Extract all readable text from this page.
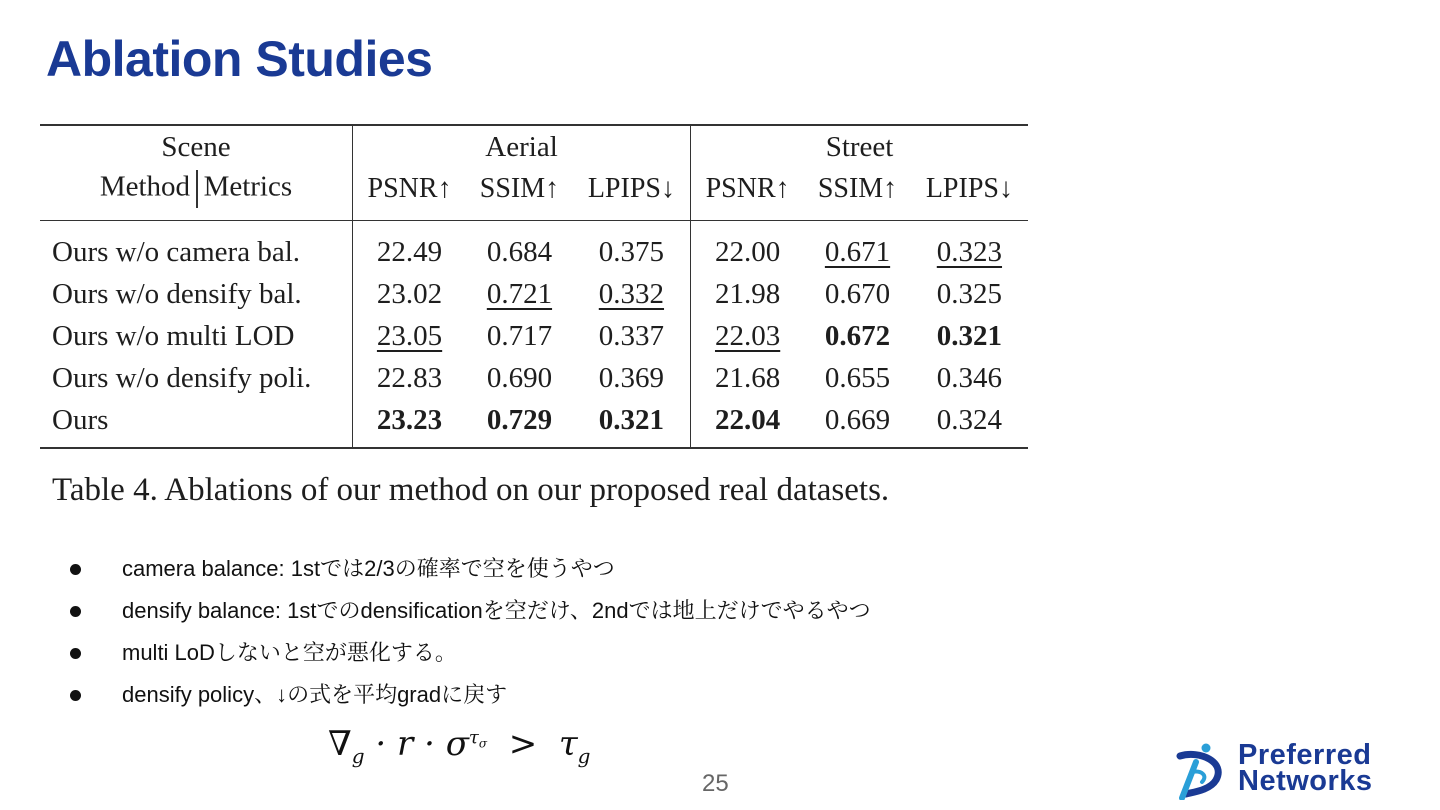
Ablation Studies
Scene	Aerial			Street		
Method Metrics	PSNR↑	SSIM↑	LPIPS↓	PSNR↑	SSIM↑	LPIPS↓
Ours w/o camera bal.	22.49	0.684	0.375	22.00	0.671	0.323
Ours w/o densify bal.	23.02	0.721	0.332	21.98	0.670	0.325
Ours w/o multi LOD	23.05	0.717	0.337	22.03	0.672	0.321
Ours w/o densify poli.	22.83	0.690	0.369	21.68	0.655	0.346
Ours	23.23	0.729	0.321	22.04	0.669	0.324

Table 4. Ablations of our method on our proposed real datasets.

camera balance: 1stでは2/3の確率で空を使うやつ
densify balance: 1stでのdensificationを空だけ、2ndでは地上だけでやるやつ
multi LoDしないと空が悪化する。
densify policy、↓の式を平均gradに戻す
$\nabla_g \cdot r \cdot \sigma^{\tau_\sigma} > \tau_g$
25
Preferred
Networks
